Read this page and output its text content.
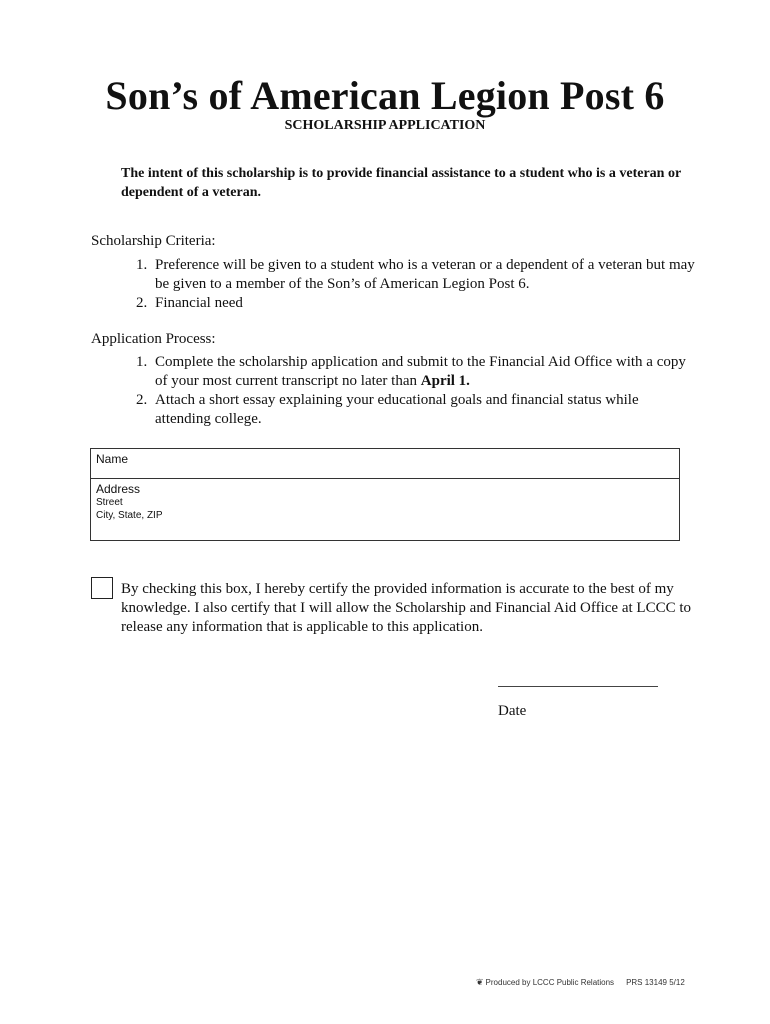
Son’s of American Legion Post 6
SCHOLARSHIP APPLICATION
The intent of this scholarship is to provide financial assistance to a student who is a veteran or dependent of a veteran.
Scholarship Criteria:
1. Preference will be given to a student who is a veteran or a dependent of a veteran but may be given to a member of the Son’s of American Legion Post 6.
2. Financial need
Application Process:
1. Complete the scholarship application and submit to the Financial Aid Office with a copy of your most current transcript no later than April 1.
2. Attach a short essay explaining your educational goals and financial status while attending college.
Name
Address
Street
City, State, ZIP
By checking this box, I hereby certify the provided information is accurate to the best of my knowledge. I also certify that I will allow the Scholarship and Financial Aid Office at LCCC to release any information that is applicable to this application.
Date
❦ Produced by LCCC Public Relations PRS 13149 5/12
